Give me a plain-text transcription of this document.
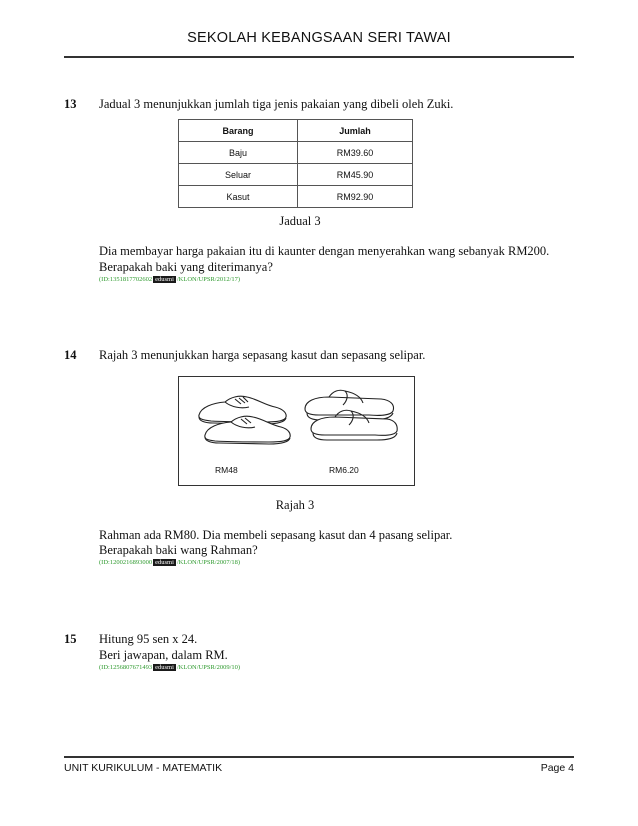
SEKOLAH KEBANGSAAN SERI TAWAI
13 Jadual 3 menunjukkan jumlah tiga jenis pakaian yang dibeli oleh Zuki.
Barang	Jumlah
Baju	RM39.60
Seluar	RM45.90
Kasut	RM92.90
Jadual 3
Dia membayar harga pakaian itu di kaunter dengan menyerahkan wang sebanyak RM200.
Berapakah baki yang diterimanya?
(ID:1351817702602 edusmi /KLON/UPSR/2012/17)
14 Rajah 3 menunjukkan harga sepasang kasut dan sepasang selipar.
RM48	RM6.20
Rajah 3
Rahman ada RM80. Dia membeli sepasang kasut dan 4 pasang selipar.
Berapakah baki wang Rahman?
(ID:1200216893000 edusmi /KLON/UPSR/2007/18)
15 Hitung 95 sen x 24.
Beri jawapan, dalam RM.
(ID:1256807671493 edusmi /KLON/UPSR/2009/10)
UNIT KURIKULUM - MATEMATIK	Page 4
